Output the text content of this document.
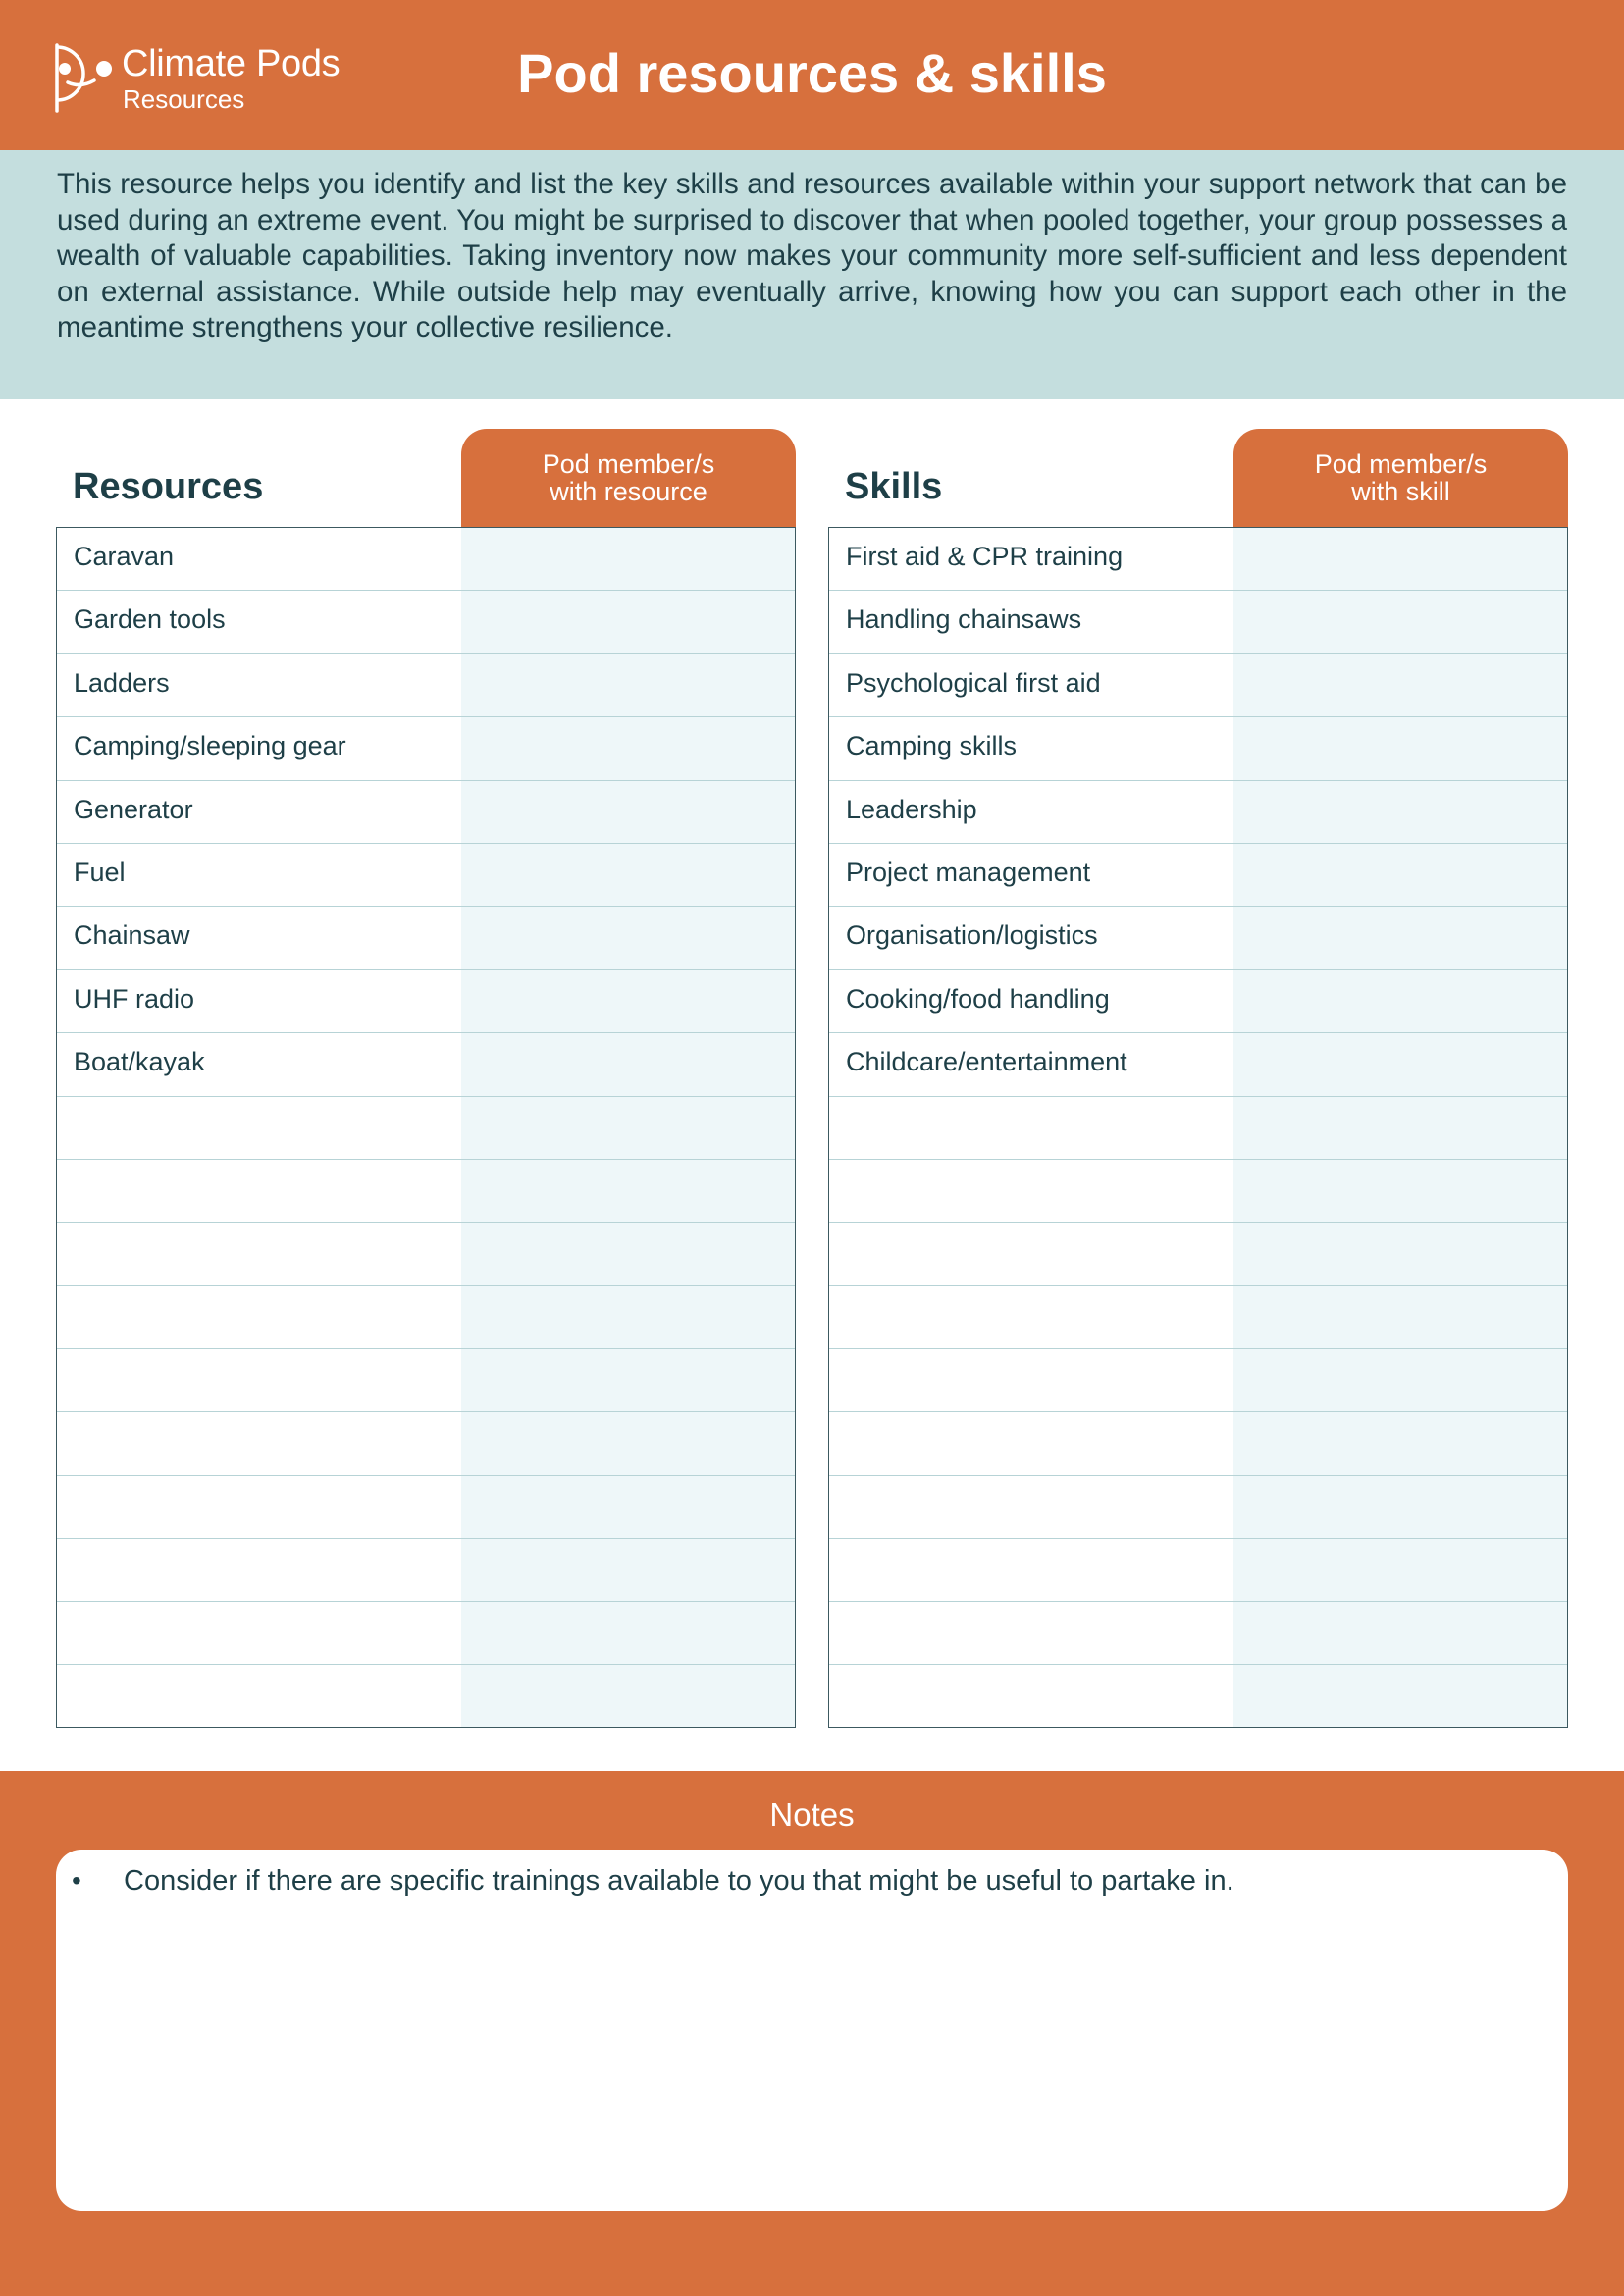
Climate Pods
Resources	Pod resources & skills

This resource helps you identify and list the key skills and resources available within your support network that can be used during an extreme event. You might be surprised to discover that when pooled together, your group possesses a wealth of valuable capabilities. Taking inventory now makes your community more self-sufficient and less dependent on external assistance. While outside help may eventually arrive, knowing how you can support each other in the meantime strengthens your collective resilience.

Resources
Pod member/s
with resource
Caravan
Garden tools
Ladders
Camping/sleeping gear
Generator
Fuel
Chainsaw
UHF radio
Boat/kayak
Skills
Pod member/s
with skill
First aid & CPR training
Handling chainsaws
Psychological first aid
Camping skills
Leadership
Project management
Organisation/logistics
Cooking/food handling
Childcare/entertainment
Notes
• Consider if there are specific trainings available to you that might be useful to partake in.
